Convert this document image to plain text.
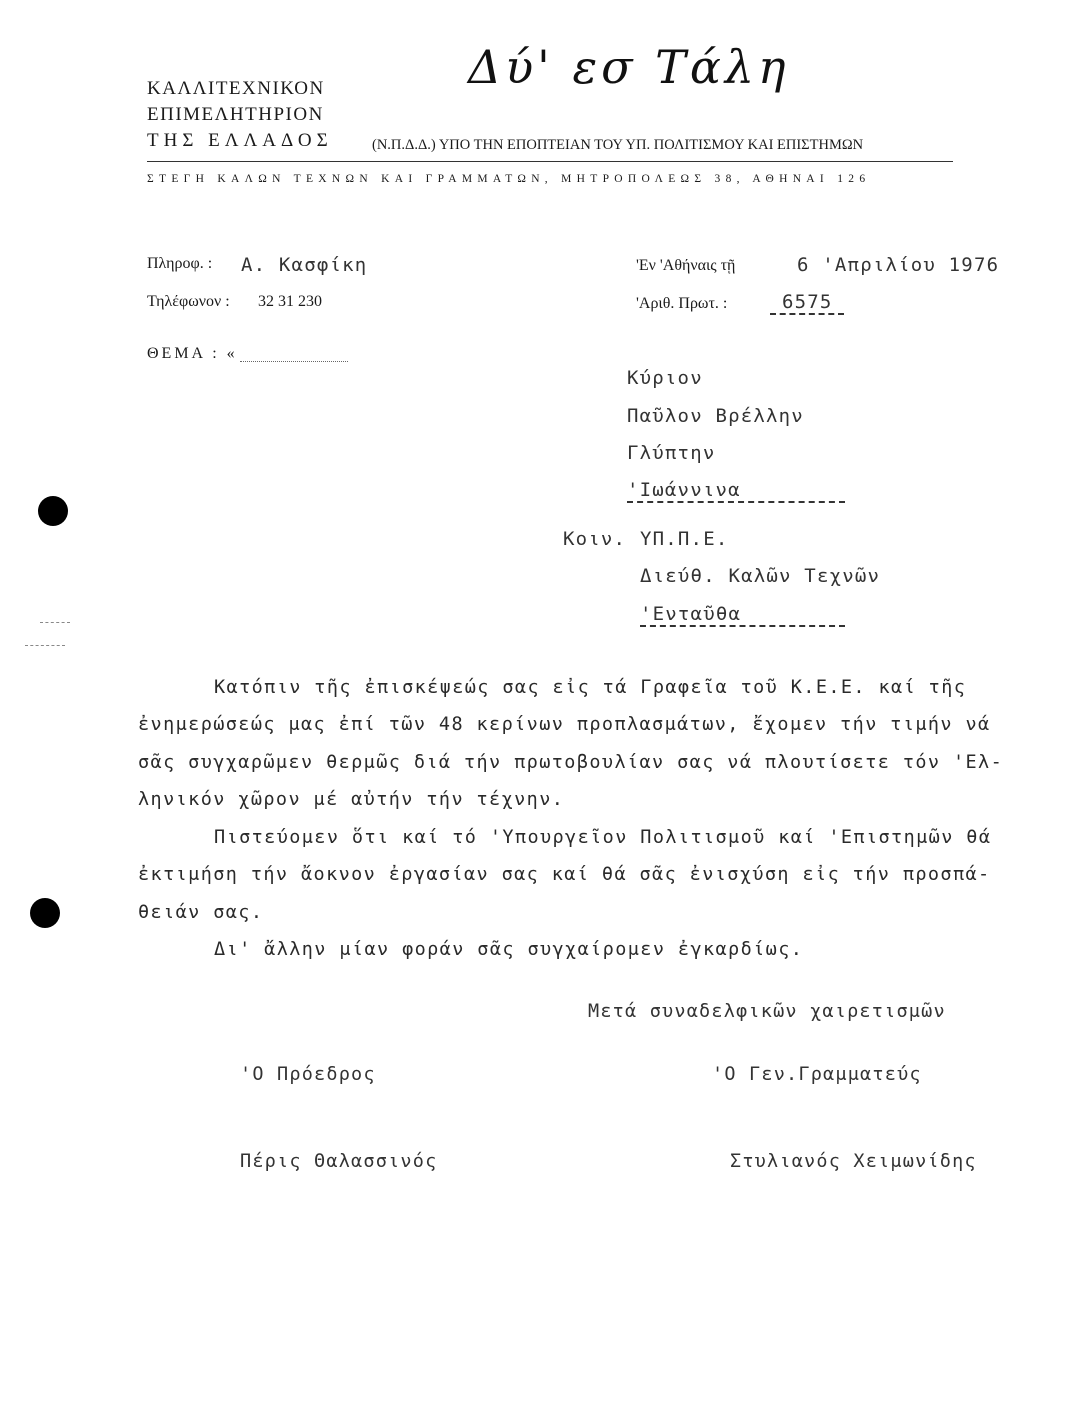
Δύ' εσ Τάλη
ΚΑΛΛΙΤΕΧΝΙΚΟΝ
ΕΠΙΜΕΛΗΤΗΡΙΟΝ
ΤΗΣ ΕΛΛΑΔΟΣ	(Ν.Π.Δ.Δ.) ΥΠΟ ΤΗΝ ΕΠΟΠΤΕΙΑΝ ΤΟΥ ΥΠ. ΠΟΛΙΤΙΣΜΟΥ ΚΑΙ ΕΠΙΣΤΗΜΩΝ
ΣΤΕΓΗ ΚΑΛΩΝ ΤΕΧΝΩΝ ΚΑΙ ΓΡΑΜΜΑΤΩΝ, ΜΗΤΡΟΠΟΛΕΩΣ 38, ΑΘΗΝΑΙ 126
Πληροφ. : Α. Κασφίκη
Τηλέφωνον : 32 31 230
ΘΕΜΑ : «
'Εν 'Αθήναις τῇ	6 'Απριλίου 1976
'Αριθ. Πρωτ. :	6575
Κύριον
Παῦλον Βρέλλην
Γλύπτην
'Ιωάννινα
Κοιν. ΥΠ.Π.Ε.
Διεύθ. Καλῶν Τεχνῶν
'Ενταῦθα
Κατόπιν τῆς ἐπισκέψεώς σας εἰς τά Γραφεῖα τοῦ Κ.Ε.Ε. καί τῆς
ἐνημερώσεώς μας ἐπί τῶν 48 κερίνων προπλασμάτων, ἔχομεν τήν τιμήν νά
σᾶς συγχαρῶμεν θερμῶς διά τήν πρωτοβουλίαν σας νά πλουτίσετε τόν 'Ελ-
ληνικόν χῶρον μέ αὐτήν τήν τέχνην.
Πιστεύομεν ὅτι καί τό 'Υπουργεῖον Πολιτισμοῦ καί 'Επιστημῶν θά
ἐκτιμήση τήν ἄοκνον ἐργασίαν σας καί θά σᾶς ἐνισχύση εἰς τήν προσπά-
θειάν σας.
Δι' ἄλλην μίαν φοράν σᾶς συγχαίρομεν ἐγκαρδίως.
Μετά συναδελφικῶν χαιρετισμῶν
'Ο Πρόεδρος	'Ο Γεν.Γραμματεύς
Πέρις Θαλασσινός	Στυλιανός Χειμωνίδης
